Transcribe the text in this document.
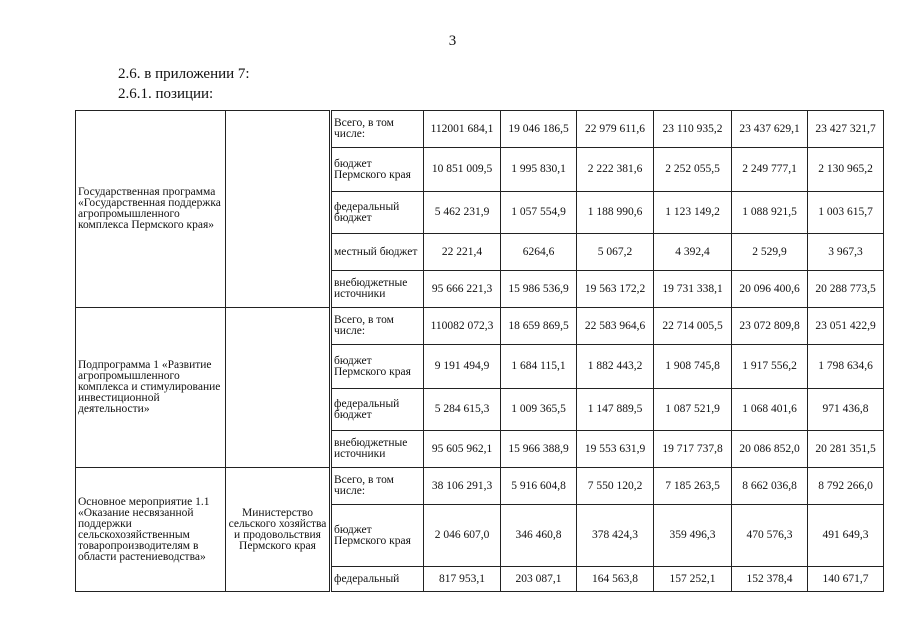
3
2.6. в приложении 7:
2.6.1. позиции:
Государственная программа «Государственная поддержка агропромышленного комплекса Пермского края»		Всего, в том числе:	112001 684,1	19 046 186,5	22 979 611,6	23 110 935,2	23 437 629,1	23 427 321,7
		бюджет Пермского края	10 851 009,5	1 995 830,1	2 222 381,6	2 252 055,5	2 249 777,1	2 130 965,2
		федеральный бюджет	5 462 231,9	1 057 554,9	1 188 990,6	1 123 149,2	1 088 921,5	1 003 615,7
		местный бюджет	22 221,4	6264,6	5 067,2	4 392,4	2 529,9	3 967,3
		внебюджетные источники	95 666 221,3	15 986 536,9	19 563 172,2	19 731 338,1	20 096 400,6	20 288 773,5
Подпрограмма 1 «Развитие агропромышленного комплекса и стимулирование инвестиционной деятельности»		Всего, в том числе:	110082 072,3	18 659 869,5	22 583 964,6	22 714 005,5	23 072 809,8	23 051 422,9
		бюджет Пермского края	9 191 494,9	1 684 115,1	1 882 443,2	1 908 745,8	1 917 556,2	1 798 634,6
		федеральный бюджет	5 284 615,3	1 009 365,5	1 147 889,5	1 087 521,9	1 068 401,6	971 436,8
		внебюджетные источники	95 605 962,1	15 966 388,9	19 553 631,9	19 717 737,8	20 086 852,0	20 281 351,5
Основное мероприятие 1.1 «Оказание несвязанной поддержки сельскохозяйственным товаропроизводителям в области растениеводства»	Министерство сельского хозяйства и продовольствия Пермского края	Всего, в том числе:	38 106 291,3	5 916 604,8	7 550 120,2	7 185 263,5	8 662 036,8	8 792 266,0
		бюджет Пермского края	2 046 607,0	346 460,8	378 424,3	359 496,3	470 576,3	491 649,3
		федеральный	817 953,1	203 087,1	164 563,8	157 252,1	152 378,4	140 671,7
